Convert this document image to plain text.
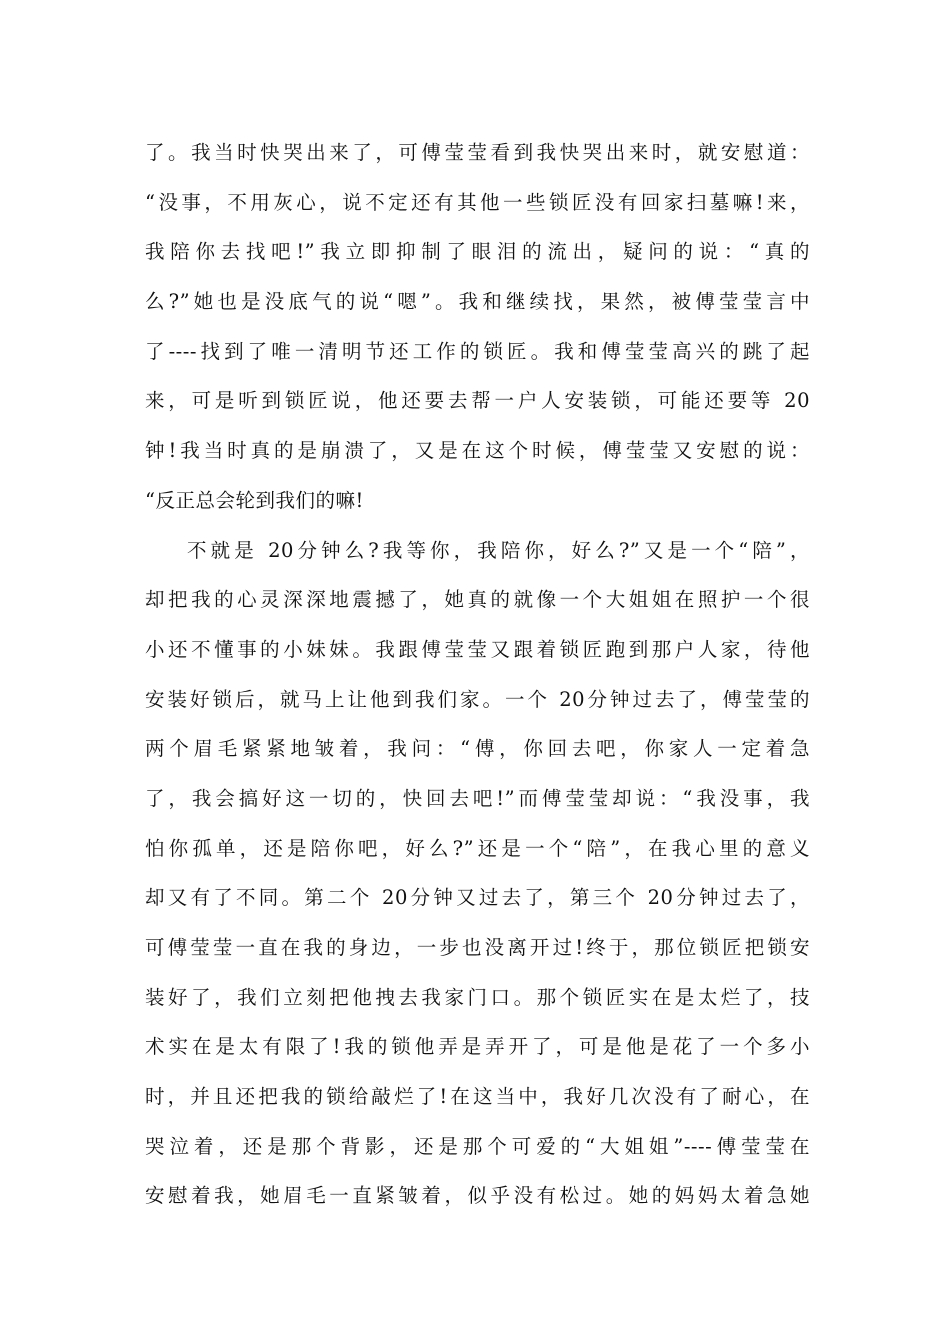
了。我当时快哭出来了，可傅莹莹看到我快哭出来时，就安慰道：
“没事，不用灰心，说不定还有其他一些锁匠没有回家扫墓嘛!来，
我陪你去找吧!”我立即抑制了眼泪的流出，疑问的说：“真的
么?”她也是没底气的说“嗯”。我和继续找，果然，被傅莹莹言中
了----找到了唯一清明节还工作的锁匠。我和傅莹莹高兴的跳了起
来，可是听到锁匠说，他还要去帮一户人安装锁，可能还要等 20
钟!我当时真的是崩溃了，又是在这个时候，傅莹莹又安慰的说：
“反正总会轮到我们的嘛!
不就是 20分钟么?我等你，我陪你，好么?”又是一个“陪”，
却把我的心灵深深地震撼了，她真的就像一个大姐姐在照护一个很
小还不懂事的小妹妹。我跟傅莹莹又跟着锁匠跑到那户人家，待他
安装好锁后，就马上让他到我们家。一个 20分钟过去了，傅莹莹的
两个眉毛紧紧地皱着，我问：“傅，你回去吧，你家人一定着急
了，我会搞好这一切的，快回去吧!”而傅莹莹却说：“我没事，我
怕你孤单，还是陪你吧，好么?”还是一个“陪”，在我心里的意义
却又有了不同。第二个 20分钟又过去了，第三个 20分钟过去了，
可傅莹莹一直在我的身边，一步也没离开过!终于，那位锁匠把锁安
装好了，我们立刻把他拽去我家门口。那个锁匠实在是太烂了，技
术实在是太有限了!我的锁他弄是弄开了，可是他是花了一个多小
时，并且还把我的锁给敲烂了!在这当中，我好几次没有了耐心，在
哭泣着，还是那个背影，还是那个可爱的“大姐姐”----傅莹莹在
安慰着我，她眉毛一直紧皱着，似乎没有松过。她的妈妈太着急她
